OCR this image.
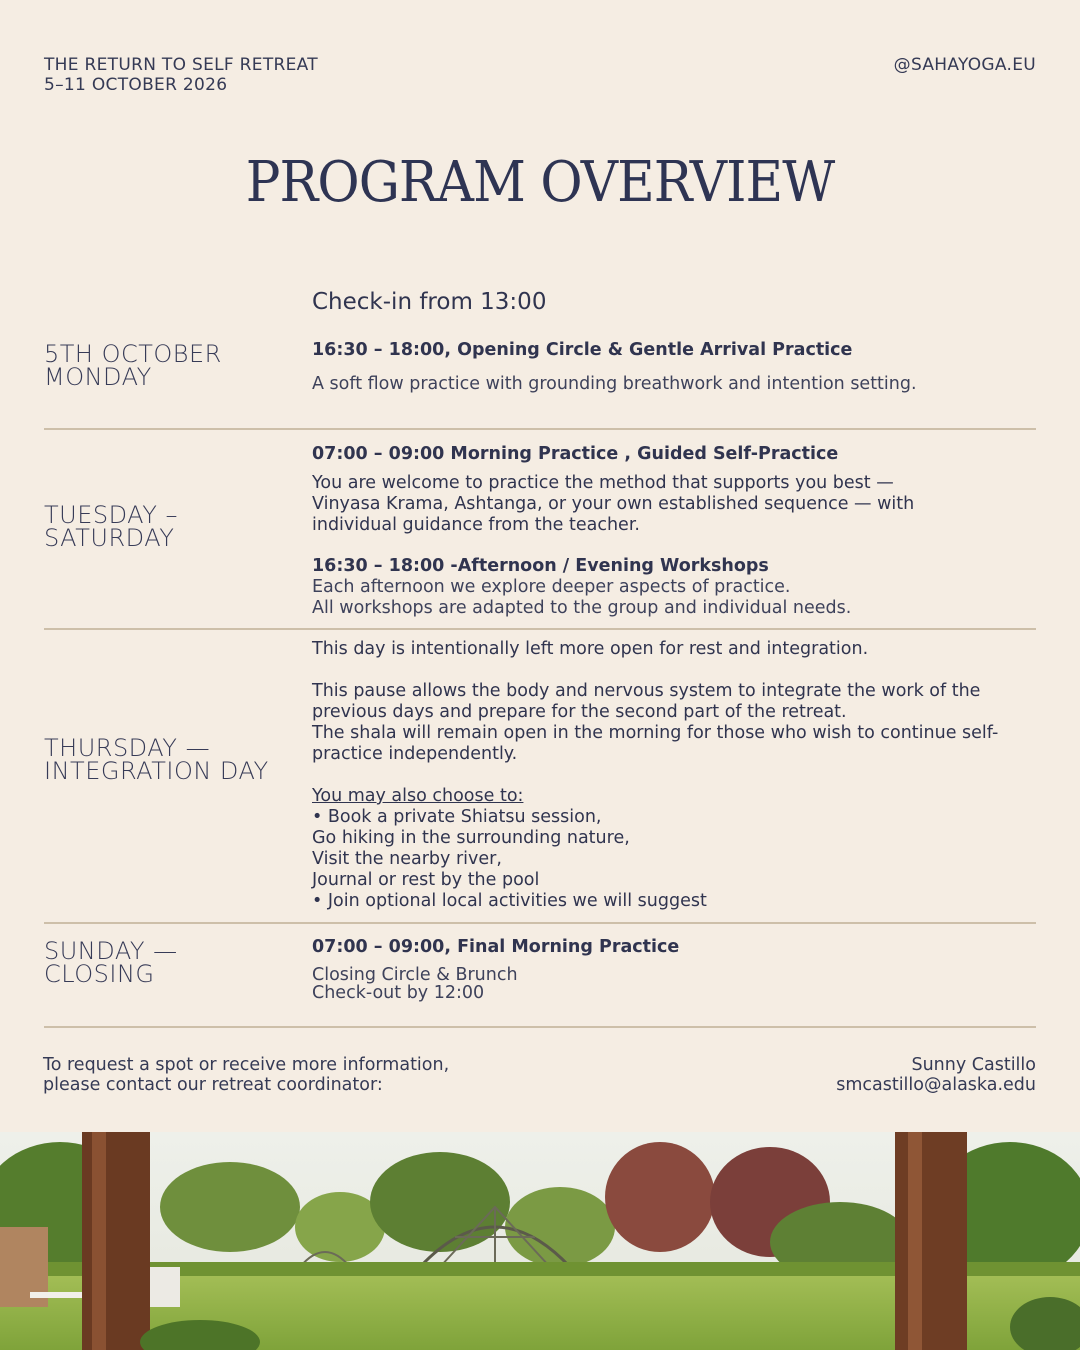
THE RETURN TO SELF RETREAT
5–11 OCTOBER 2026
@SAHAYOGA.EU
PROGRAM OVERVIEW
5TH OCTOBER
MONDAY
Check-in from 13:00
16:30 – 18:00, Opening Circle & Gentle Arrival Practice
A soft flow practice with grounding breathwork and intention setting.
TUESDAY –
SATURDAY
07:00 – 09:00 Morning Practice , Guided Self-Practice
You are welcome to practice the method that supports you best —
Vinyasa Krama, Ashtanga, or your own established sequence — with
individual guidance from the teacher.
16:30 – 18:00 -Afternoon / Evening Workshops
Each afternoon we explore deeper aspects of practice.
All workshops are adapted to the group and individual needs.
THURSDAY —
INTEGRATION DAY
This day is intentionally left more open for rest and integration.
This pause allows the body and nervous system to integrate the work of the
previous days and prepare for the second part of the retreat.
The shala will remain open in the morning for those who wish to continue self-
practice independently.
You may also choose to:
• Book a private Shiatsu session,
Go hiking in the surrounding nature,
Visit the nearby river,
Journal or rest by the pool
• Join optional local activities we will suggest
SUNDAY —
CLOSING
07:00 – 09:00, Final Morning Practice
Closing Circle & Brunch
Check-out by 12:00
To request a spot or receive more information,
please contact our retreat coordinator:
Sunny Castillo
smcastillo@alaska.edu
